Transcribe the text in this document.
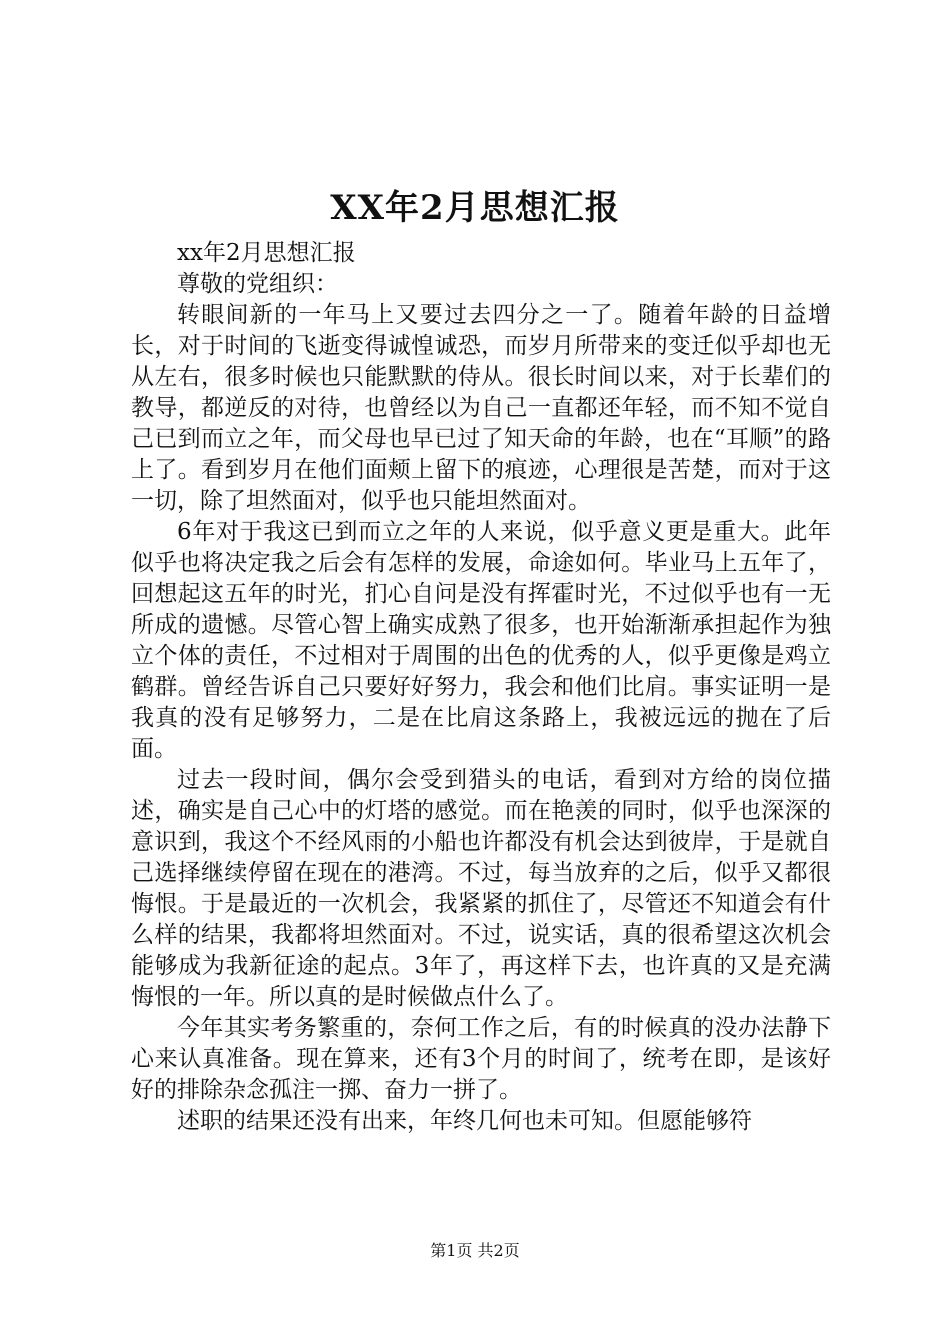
XX年2月思想汇报

xx年2月思想汇报

尊敬的党组织：

转眼间新的一年马上又要过去四分之一了。随着年龄的日益增长，对于时间的飞逝变得诚惶诚恐，而岁月所带来的变迁似乎却也无从左右，很多时候也只能默默的侍从。很长时间以来，对于长辈们的教导，都逆反的对待，也曾经以为自己一直都还年轻，而不知不觉自己已到而立之年，而父母也早已过了知天命的年龄，也在“耳顺”的路上了。看到岁月在他们面颊上留下的痕迹，心理很是苦楚，而对于这一切，除了坦然面对，似乎也只能坦然面对。

6年对于我这已到而立之年的人来说，似乎意义更是重大。此年似乎也将决定我之后会有怎样的发展，命途如何。毕业马上五年了，回想起这五年的时光，扪心自问是没有挥霍时光，不过似乎也有一无所成的遗憾。尽管心智上确实成熟了很多，也开始渐渐承担起作为独立个体的责任，不过相对于周围的出色的优秀的人，似乎更像是鸡立鹤群。曾经告诉自己只要好好努力，我会和他们比肩。事实证明一是我真的没有足够努力，二是在比肩这条路上，我被远远的抛在了后面。

过去一段时间，偶尔会受到猎头的电话，看到对方给的岗位描述，确实是自己心中的灯塔的感觉。而在艳羡的同时，似乎也深深的意识到，我这个不经风雨的小船也许都没有机会达到彼岸，于是就自己选择继续停留在现在的港湾。不过，每当放弃的之后，似乎又都很悔恨。于是最近的一次机会，我紧紧的抓住了，尽管还不知道会有什么样的结果，我都将坦然面对。不过，说实话，真的很希望这次机会能够成为我新征途的起点。3年了，再这样下去，也许真的又是充满悔恨的一年。所以真的是时候做点什么了。

今年其实考务繁重的，奈何工作之后，有的时候真的没办法静下心来认真准备。现在算来，还有3个月的时间了，统考在即，是该好好的排除杂念孤注一掷、奋力一拼了。

述职的结果还没有出来，年终几何也未可知。但愿能够符

第1页 共2页
